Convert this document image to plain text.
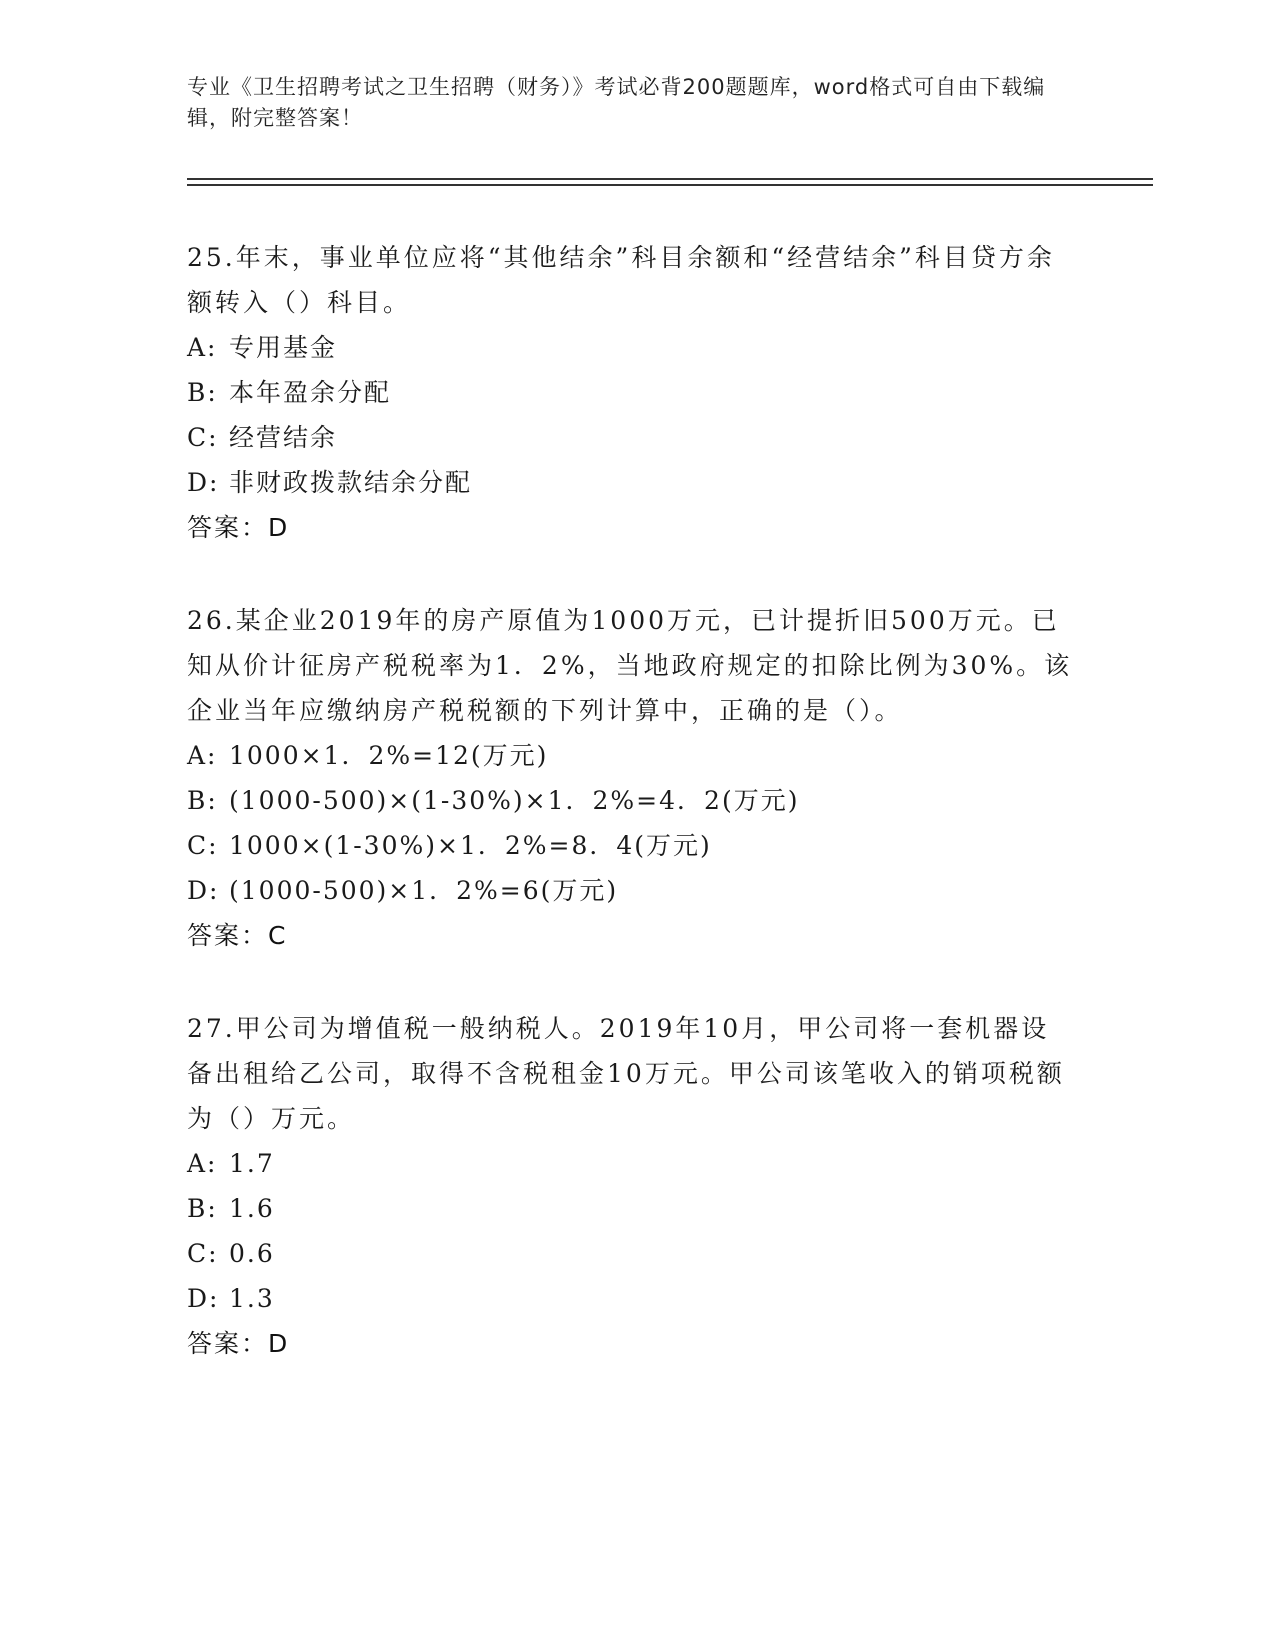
专业《卫生招聘考试之卫生招聘（财务）》考试必背200题题库，word格式可自由下载编辑，附完整答案！

25.年末，事业单位应将“其他结余”科目余额和“经营结余”科目贷方余额转入（）科目。

A: 专用基金

B: 本年盈余分配

C: 经营结余

D: 非财政拨款结余分配

答案：D

26.某企业2019年的房产原值为1000万元，已计提折旧500万元。已知从价计征房产税税率为1．2%，当地政府规定的扣除比例为30%。该企业当年应缴纳房产税税额的下列计算中，正确的是（）。

A: 1000×1．2%=12(万元)

B: (1000-500)×(1-30%)×1．2%=4．2(万元)

C: 1000×(1-30%)×1．2%=8．4(万元)

D: (1000-500)×1．2%=6(万元)

答案：C

27.甲公司为增值税一般纳税人。2019年10月，甲公司将一套机器设备出租给乙公司，取得不含税租金10万元。甲公司该笔收入的销项税额为（）万元。

A: 1.7

B: 1.6

C: 0.6

D: 1.3

答案：D
